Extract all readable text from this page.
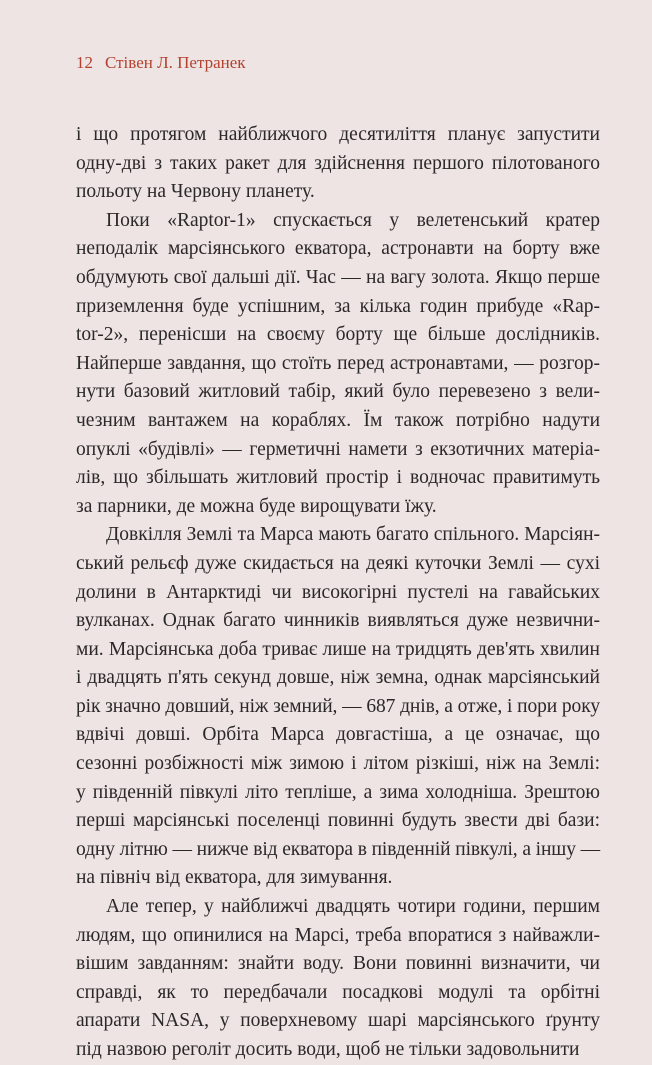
12 Стівен Л. Петранек

і що протягом найближчого десятиліття планує запустити

одну-дві з таких ракет для здійснення першого пілотованого

польоту на Червону планету.

Поки «Raptor-1» спускається у велетенський кратер

неподалік марсіянського екватора, астронавти на борту вже

обдумують свої дальші дії. Час — на вагу золота. Якщо перше

приземлення буде успішним, за кілька годин прибуде «Rap-

tor-2», перенісши на своєму борту ще більше дослідників.

Найперше завдання, що стоїть перед астронавтами, — розгор-

нути базовий житловий табір, який було перевезено з вели-

чезним вантажем на кораблях. Їм також потрібно надути

опуклі «будівлі» — герметичні намети з екзотичних матеріа-

лів, що збільшать житловий простір і водночас правитимуть

за парники, де можна буде вирощувати їжу.

Довкілля Землі та Марса мають багато спільного. Марсіян-

ський рельєф дуже скидається на деякі куточки Землі — сухі

долини в Антарктиді чи високогірні пустелі на гавайських

вулканах. Однак багато чинників виявляться дуже незвични-

ми. Марсіянська доба триває лише на тридцять дев'ять хвилин

і двадцять п'ять секунд довше, ніж земна, однак марсіянський

рік значно довший, ніж земний, — 687 днів, а отже, і пори року

вдвічі довші. Орбіта Марса довгастіша, а це означає, що

сезонні розбіжності між зимою і літом різкіші, ніж на Землі:

у південній півкулі літо тепліше, а зима холодніша. Зрештою

перші марсіянські поселенці повинні будуть звести дві бази:

одну літню — нижче від екватора в південній півкулі, а іншу —

на північ від екватора, для зимування.

Але тепер, у найближчі двадцять чотири години, першим

людям, що опинилися на Марсі, треба впоратися з найважли-

вішим завданням: знайти воду. Вони повинні визначити, чи

справді, як то передбачали посадкові модулі та орбітні

апарати NASA, у поверхневому шарі марсіянського ґрунту

під назвою реголіт досить води, щоб не тільки задовольнити
